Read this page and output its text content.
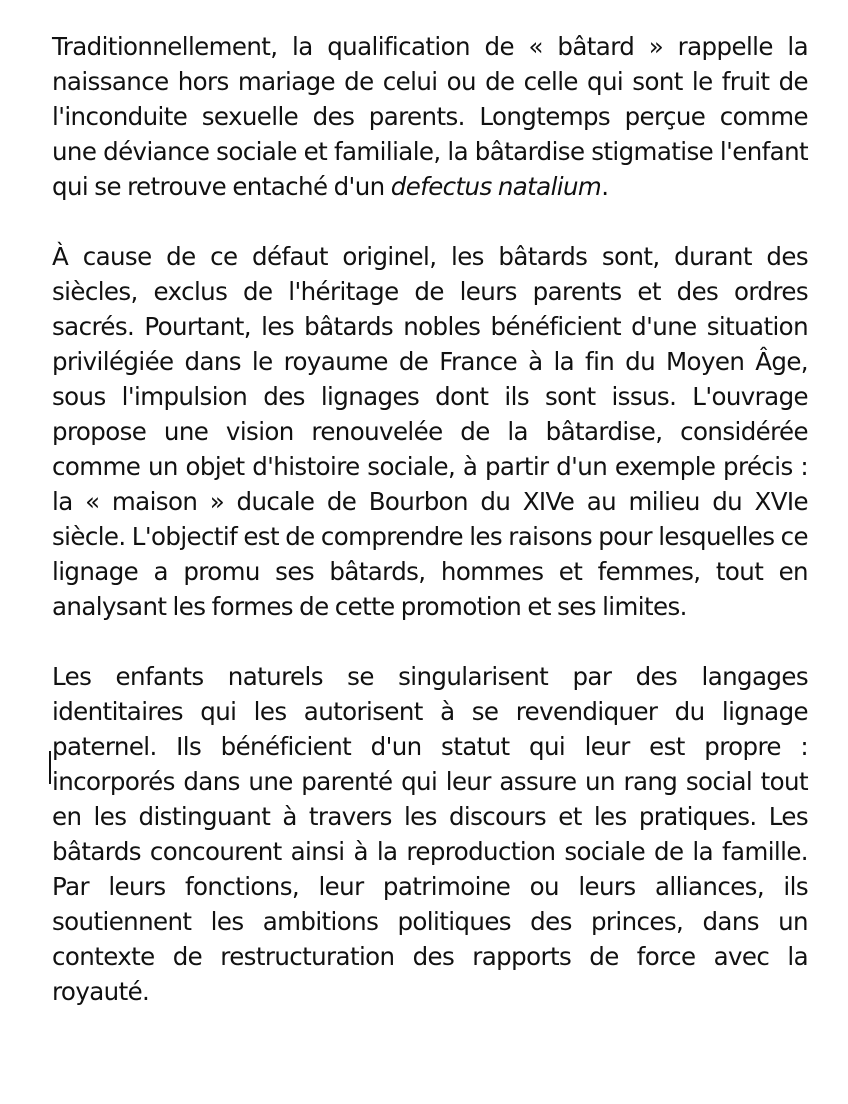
Traditionnellement, la qualification de « bâtard » rappelle la naissance hors mariage de celui ou de celle qui sont le fruit de l'inconduite sexuelle des parents. Longtemps perçue comme une déviance sociale et familiale, la bâtardise stigmatise l'enfant qui se retrouve entaché d'un defectus natalium.

À cause de ce défaut originel, les bâtards sont, durant des siècles, exclus de l'héritage de leurs parents et des ordres sacrés. Pourtant, les bâtards nobles bénéficient d'une situation privilégiée dans le royaume de France à la fin du Moyen Âge, sous l'impulsion des lignages dont ils sont issus. L'ouvrage propose une vision renouvelée de la bâtardise, considérée comme un objet d'histoire sociale, à partir d'un exemple précis : la « maison » ducale de Bourbon du XIVe au milieu du XVIe siècle. L'objectif est de comprendre les raisons pour lesquelles ce lignage a promu ses bâtards, hommes et femmes, tout en analysant les formes de cette promotion et ses limites.

Les enfants naturels se singularisent par des langages identitaires qui les autorisent à se revendiquer du lignage paternel. Ils bénéficient d'un statut qui leur est propre : incorporés dans une parenté qui leur assure un rang social tout en les distinguant à travers les discours et les pratiques. Les bâtards concourent ainsi à la reproduction sociale de la famille. Par leurs fonctions, leur patrimoine ou leurs alliances, ils soutiennent les ambitions politiques des princes, dans un contexte de restructuration des rapports de force avec la royauté.
